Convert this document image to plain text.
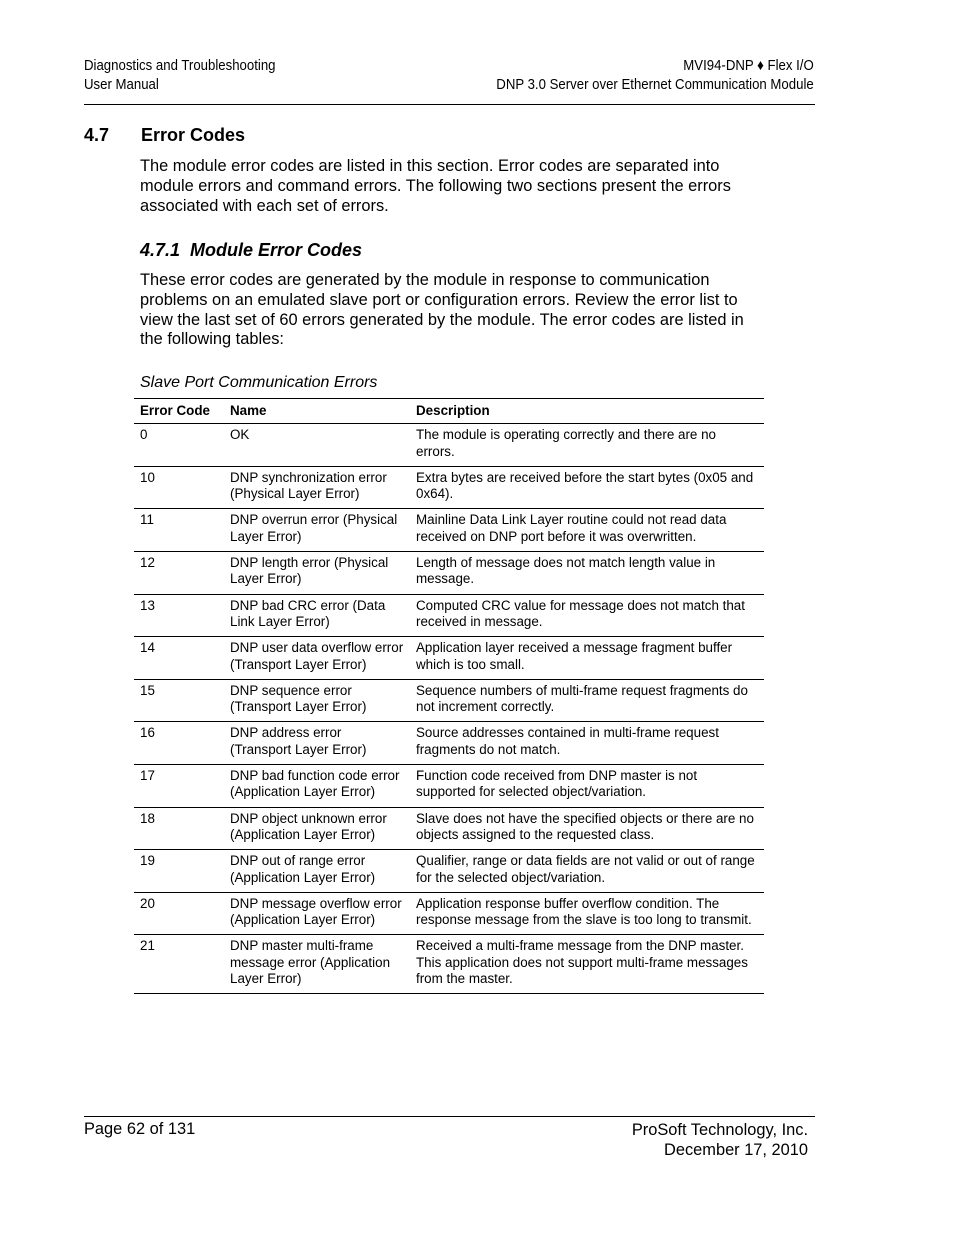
Diagnostics and Troubleshooting
User Manual
MVI94-DNP ♦ Flex I/O
DNP 3.0 Server over Ethernet Communication Module
4.7 Error Codes
The module error codes are listed in this section. Error codes are separated into module errors and command errors. The following two sections present the errors associated with each set of errors.
4.7.1 Module Error Codes
These error codes are generated by the module in response to communication problems on an emulated slave port or configuration errors. Review the error list to view the last set of 60 errors generated by the module. The error codes are listed in the following tables:
Slave Port Communication Errors
Error Code	Name	Description
0	OK	The module is operating correctly and there are no errors.
10	DNP synchronization error (Physical Layer Error)	Extra bytes are received before the start bytes (0x05 and 0x64).
11	DNP overrun error (Physical Layer Error)	Mainline Data Link Layer routine could not read data received on DNP port before it was overwritten.
12	DNP length error (Physical Layer Error)	Length of message does not match length value in message.
13	DNP bad CRC error (Data Link Layer Error)	Computed CRC value for message does not match that received in message.
14	DNP user data overflow error (Transport Layer Error)	Application layer received a message fragment buffer which is too small.
15	DNP sequence error (Transport Layer Error)	Sequence numbers of multi-frame request fragments do not increment correctly.
16	DNP address error (Transport Layer Error)	Source addresses contained in multi-frame request fragments do not match.
17	DNP bad function code error (Application Layer Error)	Function code received from DNP master is not supported for selected object/variation.
18	DNP object unknown error (Application Layer Error)	Slave does not have the specified objects or there are no objects assigned to the requested class.
19	DNP out of range error (Application Layer Error)	Qualifier, range or data fields are not valid or out of range for the selected object/variation.
20	DNP message overflow error (Application Layer Error)	Application response buffer overflow condition. The response message from the slave is too long to transmit.
21	DNP master multi-frame message error (Application Layer Error)	Received a multi-frame message from the DNP master. This application does not support multi-frame messages from the master.
Page 62 of 131	ProSoft Technology, Inc.
December 17, 2010
